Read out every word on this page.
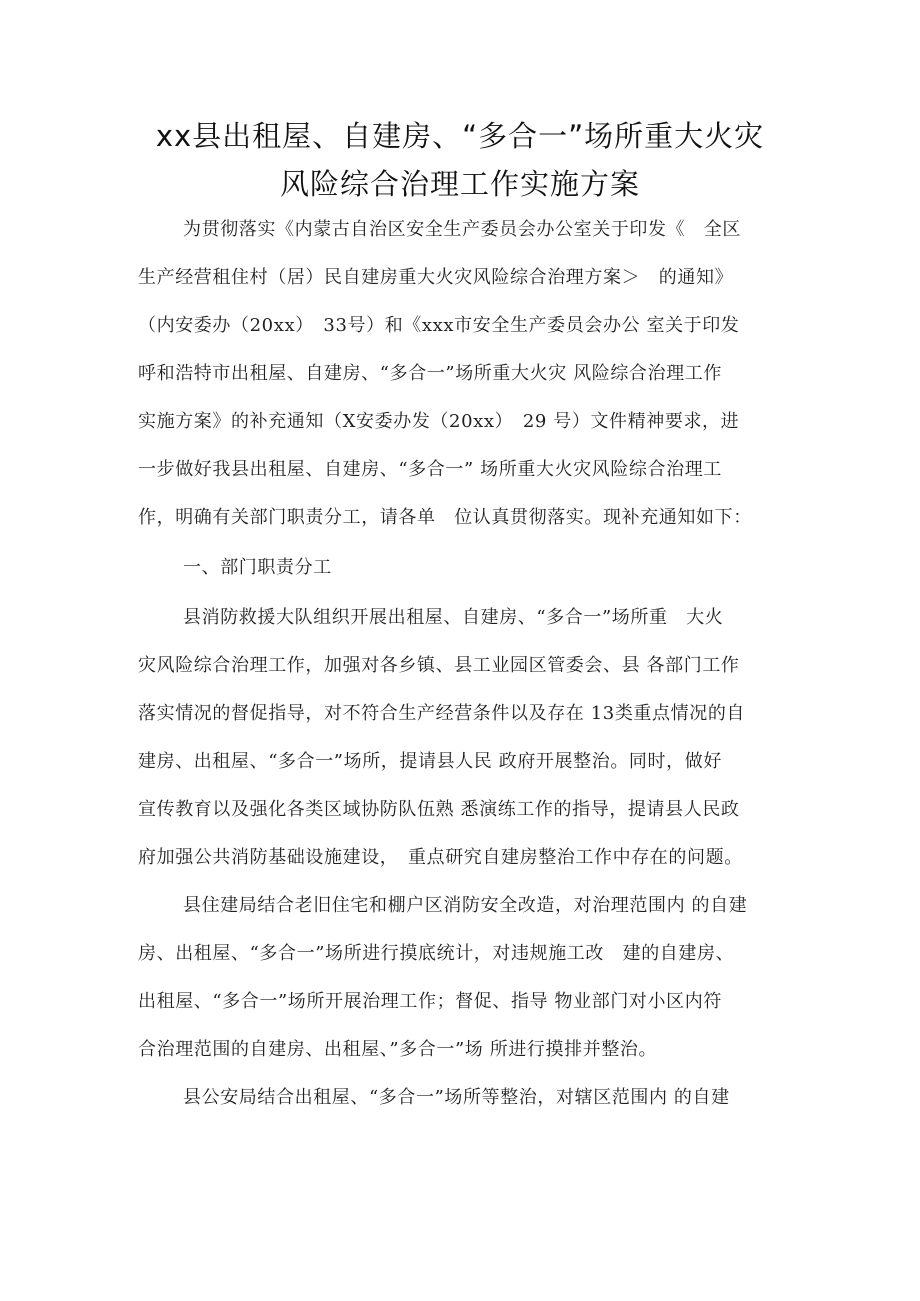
xx县出租屋、自建房、“多合一”场所重大火灾
风险综合治理工作实施方案
为贯彻落实《内蒙古自治区安全生产委员会办公室关于印发《　全区
生产经营租住村（居）民自建房重大火灾风险综合治理方案＞　的通知》
（内安委办（20xx）　33号）和《xxx市安全生产委员会办公 室关于印发
呼和浩特市出租屋、自建房、“多合一”场所重大火灾 风险综合治理工作
实施方案》的补充通知（X安委办发（20xx）　29 号）文件精神要求，进
一步做好我县出租屋、自建房、“多合一” 场所重大火灾风险综合治理工
作，明确有关部门职责分工，请各单　位认真贯彻落实。现补充通知如下：
一、部门职责分工
县消防救援大队组织开展出租屋、自建房、“多合一”场所重　大火
灾风险综合治理工作，加强对各乡镇、县工业园区管委会、县 各部门工作
落实情况的督促指导，对不符合生产经营条件以及存在 13类重点情况的自
建房、出租屋、“多合一”场所，提请县人民 政府开展整治。同时，做好
宣传教育以及强化各类区域协防队伍熟 悉演练工作的指导，提请县人民政
府加强公共消防基础设施建设，　重点研究自建房整治工作中存在的问题。
县住建局结合老旧住宅和棚户区消防安全改造，对治理范围内 的自建
房、出租屋、“多合一”场所进行摸底统计，对违规施工改　建的自建房、
出租屋、“多合一”场所开展治理工作；督促、指导 物业部门对小区内符
合治理范围的自建房、出租屋、”多合一”场 所进行摸排并整治。
县公安局结合出租屋、“多合一”场所等整治，对辖区范围内 的自建
